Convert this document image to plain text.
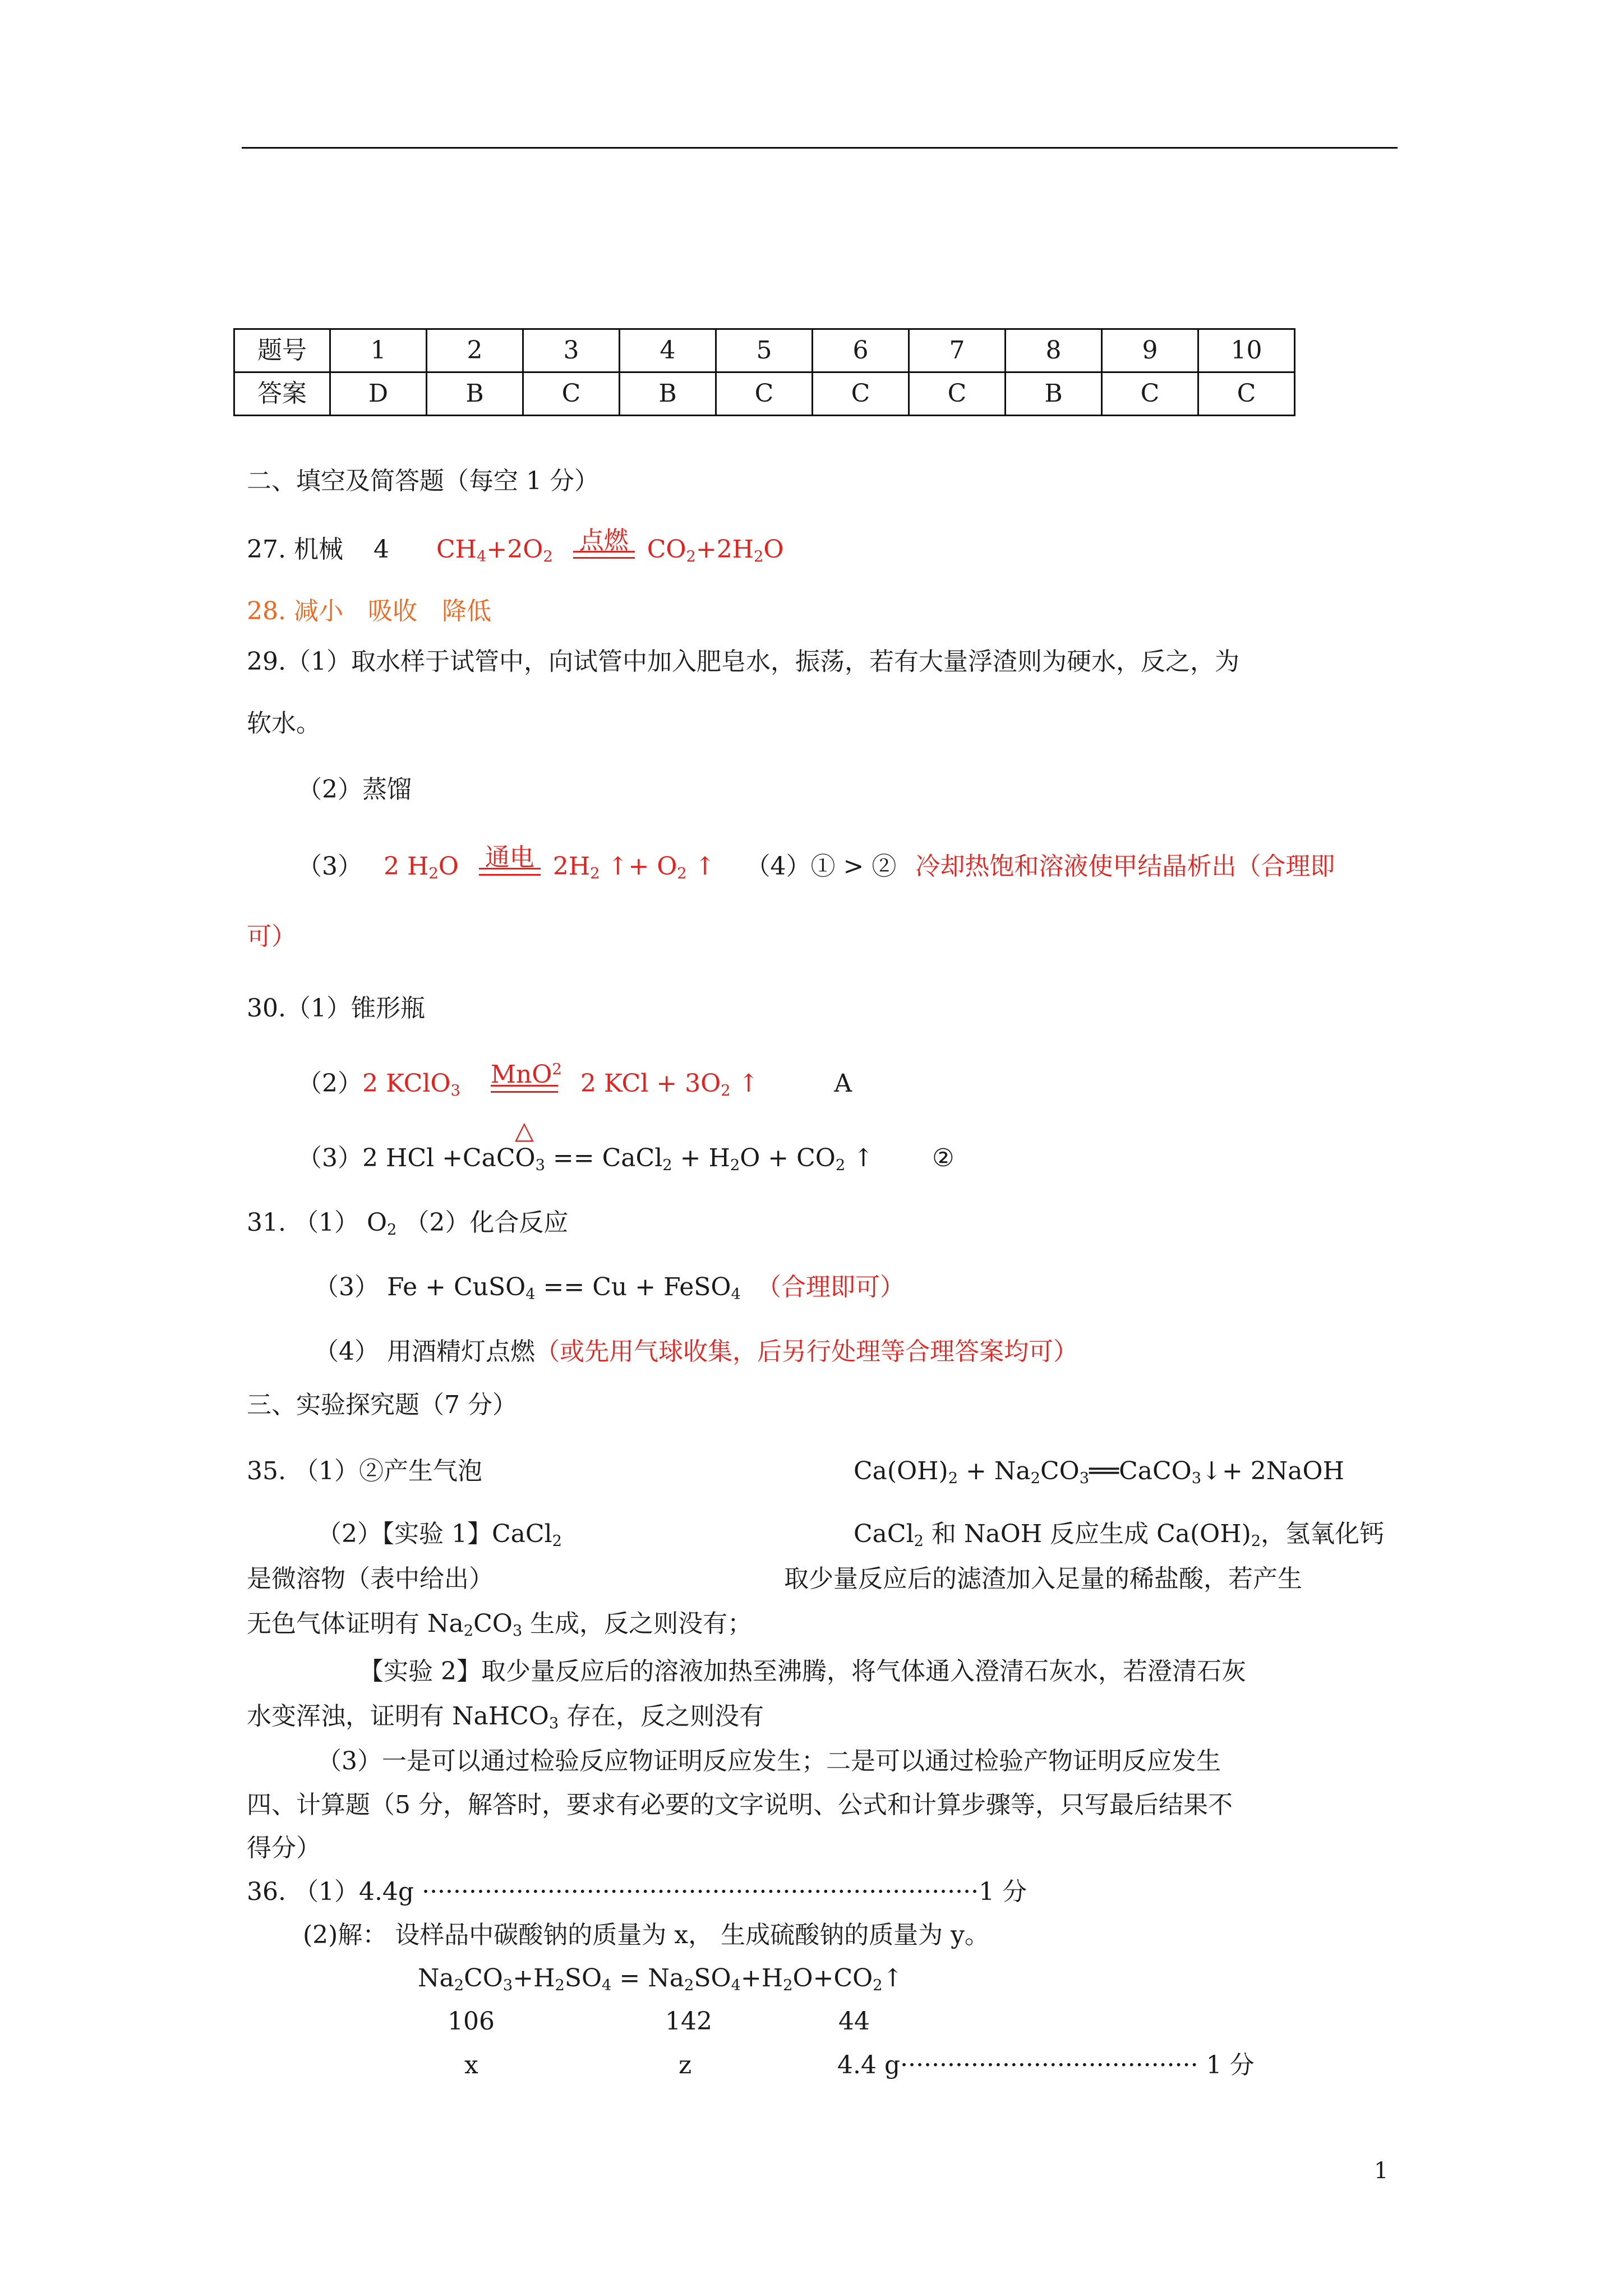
题号	1	2	3	4	5	6	7	8	9	10
答案	D	B	C	B	C	C	C	B	C	C
二、填空及简答题（每空 1 分）
27. 机械 4 $CH_4+2O_2$
点燃 $CO_2+2H_2O$
28. 减小　吸收　降低
29.（1）取水样于试管中，向试管中加入肥皂水，振荡，若有大量浮渣则为硬水，反之，为
软水。
（2）蒸馏
（3） 2 $H_2O$ 通电 $2H_2$ ↑+ $O_2$ ↑ （4）① > ② 冷却热饱和溶液使甲结晶析出（合理即
可）
30.（1）锥形瓶
（2）2 KClO$_3$
MnO$^2$
△
2 KCl + $3O_2$ ↑	A
（3）2 HCl +CaCO$_3$ == CaCl$_2$ + $H_2O + CO_2$ ↑ ②
31. （1） $O_2$ （2）化合反应
（3） Fe + CuSO$_4$ == Cu + FeSO$_4$ （合理即可）
（4） 用酒精灯点燃（或先用气球收集，后另行处理等合理答案均可）
三、实验探究题（7 分）
35. （1）②产生气泡	$Ca(OH)_2$ + $Na_2CO_3══CaCO_3↓+$ 2NaOH
（2）【实验 1】CaCl$_2$	CaCl$_2$ 和 NaOH 反应生成 $Ca(OH)_2$，氢氧化钙
是微溶物（表中给出）	取少量反应后的滤渣加入足量的稀盐酸，若产生
无色气体证明有 $Na_2CO_3$ 生成，反之则没有；
【实验 2】取少量反应后的溶液加热至沸腾，将气体通入澄清石灰水，若澄清石灰
水变浑浊，证明有 NaHCO$_3$ 存在，反之则没有
（3）一是可以通过检验反应物证明反应发生；二是可以通过检验产物证明反应发生
四、计算题（5 分，解答时，要求有必要的文字说明、公式和计算步骤等，只写最后结果不
得分）
36. （1）4.4g ·······································································1 分
(2)解： 设样品中碳酸钠的质量为 x， 生成硫酸钠的质量为 y。
$Na_2CO_3+H_2SO_4$ = $Na_2SO_4+H_2O+CO_2↑$
106	142	44
x	z	4.4 g······································ 1 分
1
